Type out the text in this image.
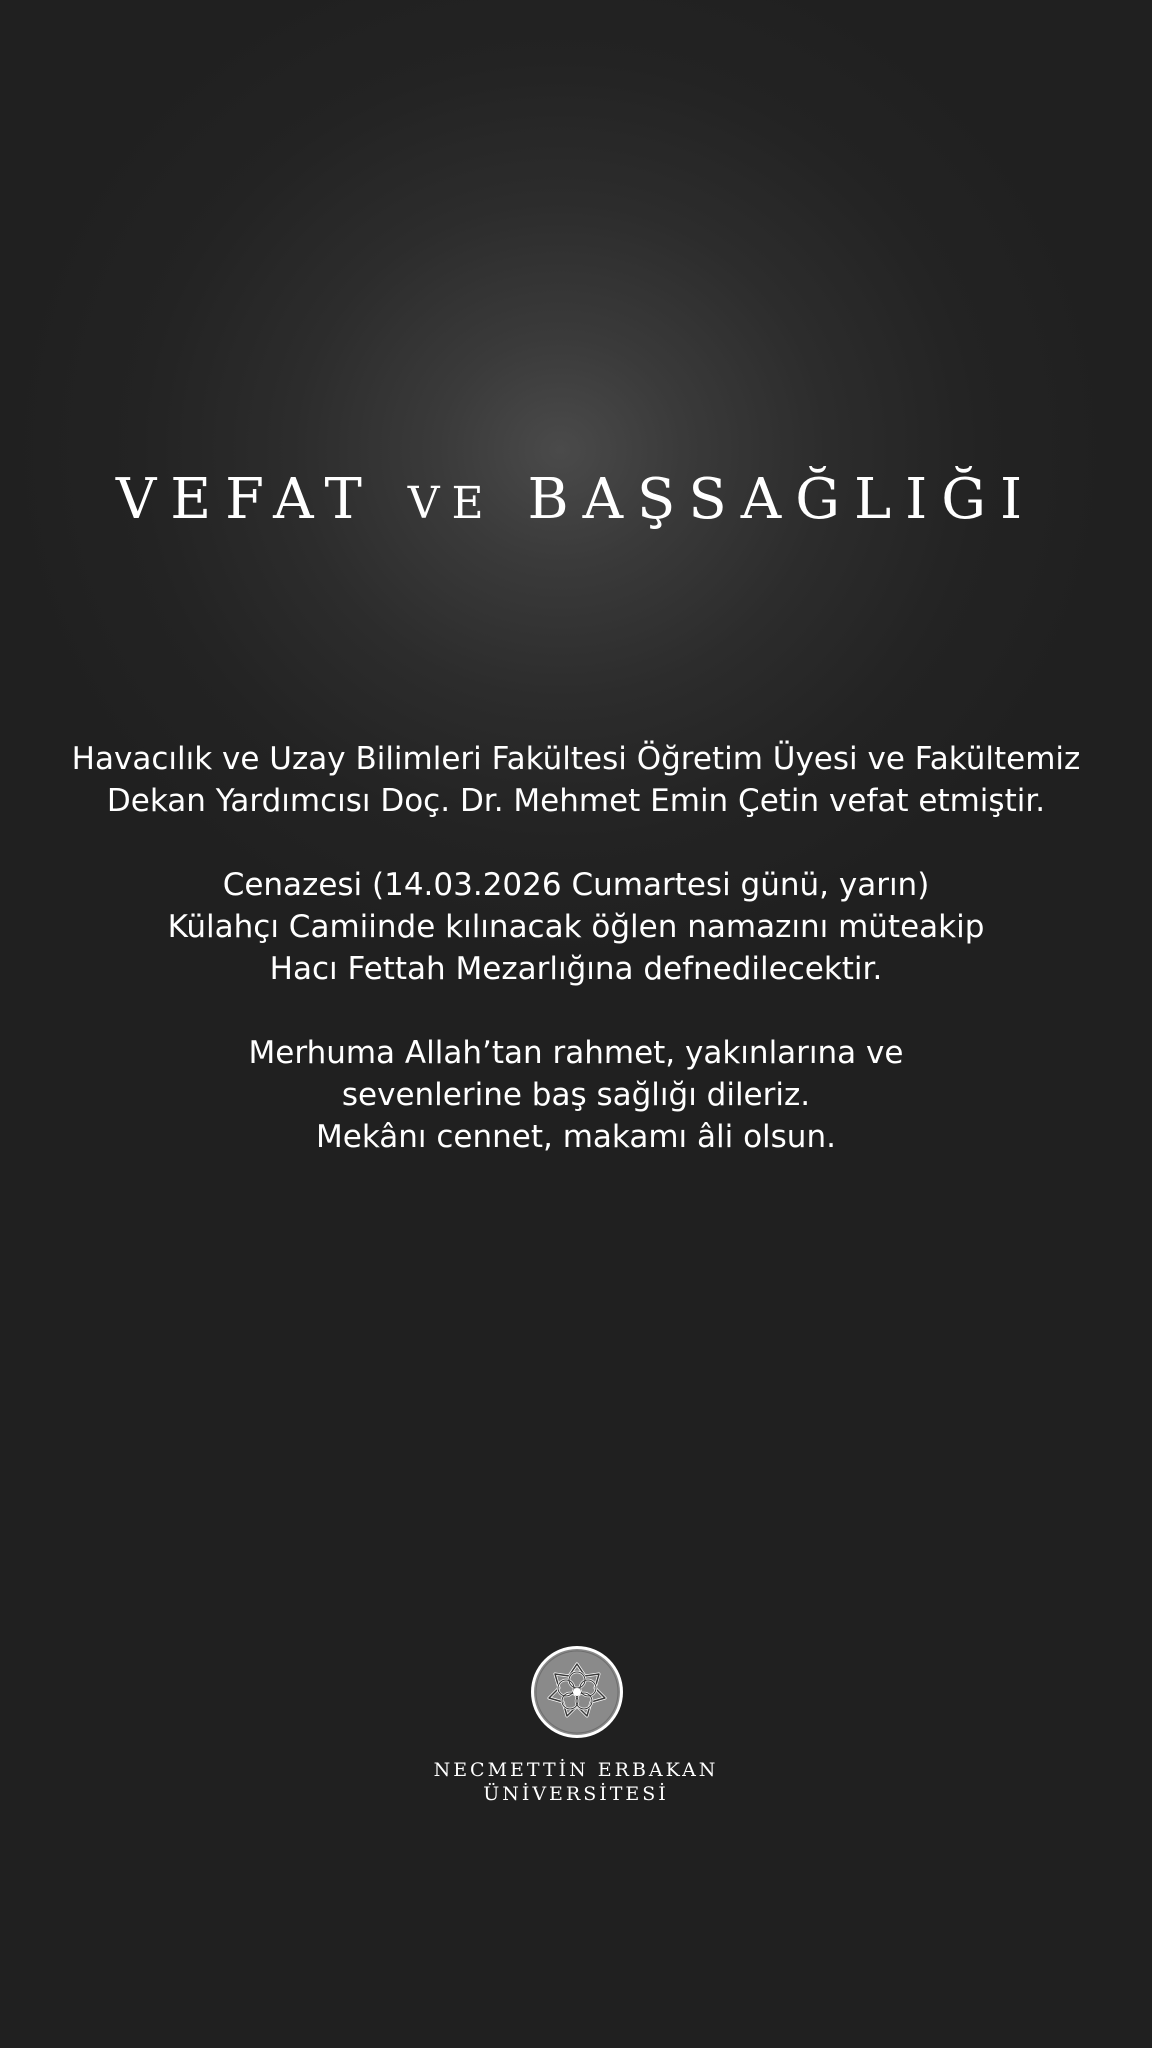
VEFAT VE BAŞSAĞLIĞI

Havacılık ve Uzay Bilimleri Fakültesi Öğretim Üyesi ve Fakültemiz
Dekan Yardımcısı Doç. Dr. Mehmet Emin Çetin vefat etmiştir.

Cenazesi (14.03.2026 Cumartesi günü, yarın)
Külahçı Camiinde kılınacak öğlen namazını müteakip
Hacı Fettah Mezarlığına defnedilecektir.

Merhuma Allah’tan rahmet, yakınlarına ve
sevenlerine baş sağlığı dileriz.
Mekânı cennet, makamı âli olsun.

NECMETTİN ERBAKAN
ÜNİVERSİTESİ
